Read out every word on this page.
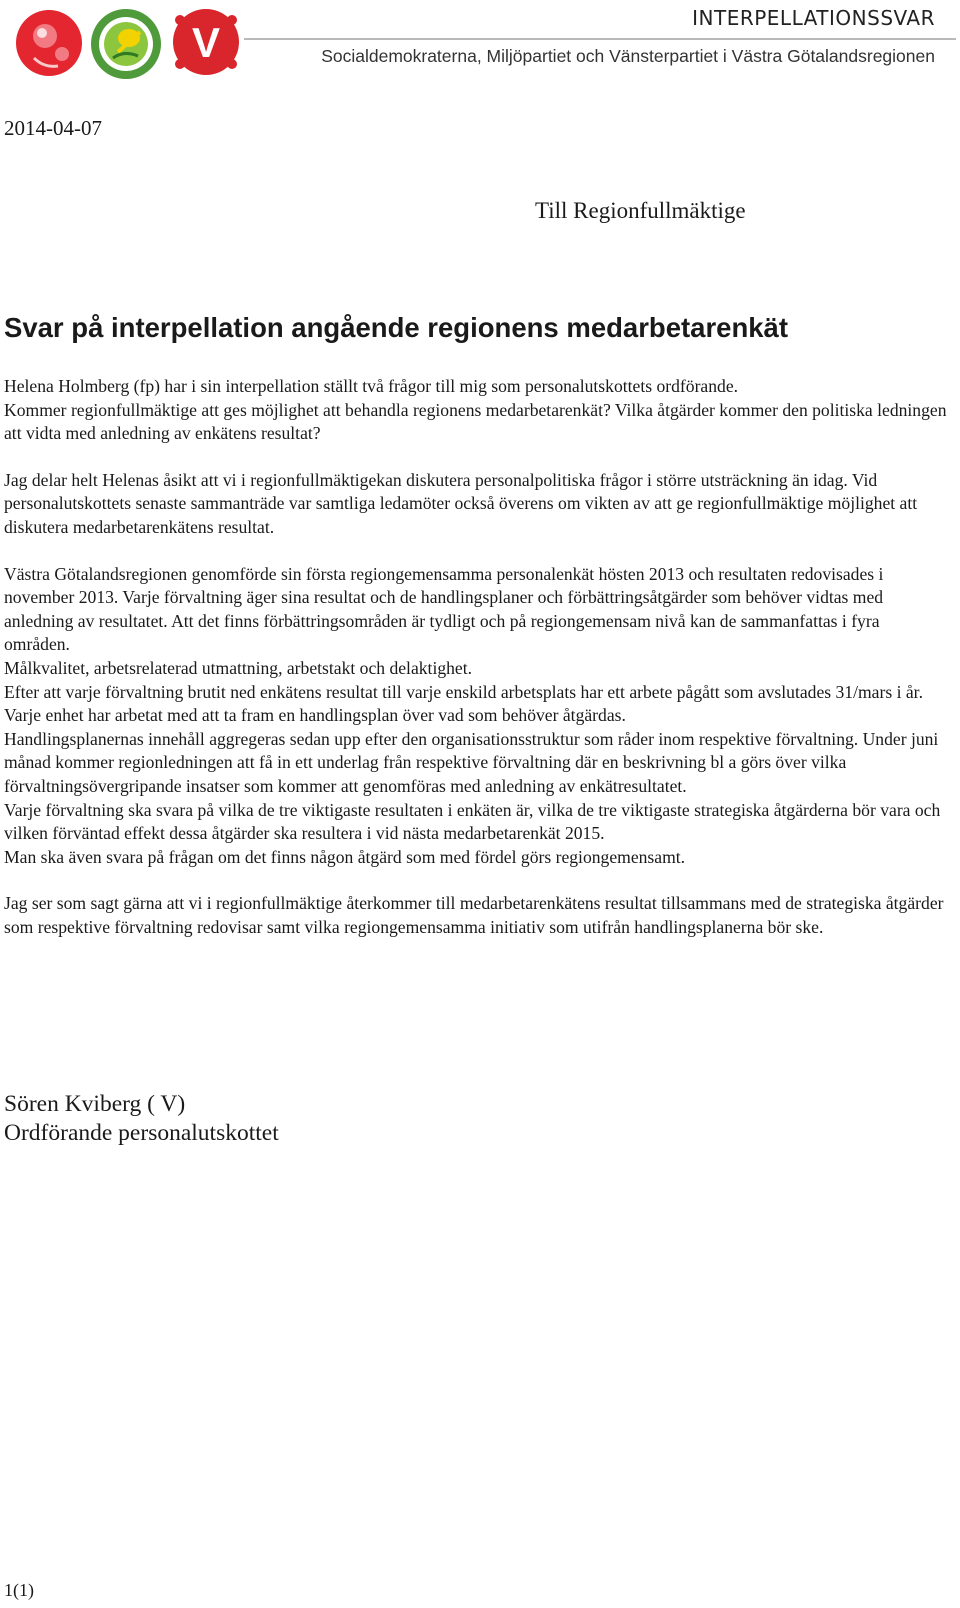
V
INTERPELLATIONSSVAR
Socialdemokraterna, Miljöpartiet och Vänsterpartiet i Västra Götalandsregionen
2014-04-07
Till Regionfullmäktige
Svar på interpellation angående regionens medarbetarenkät

Helena Holmberg (fp) har i sin interpellation ställt två frågor till mig som personalutskottets ordförande.
Kommer regionfullmäktige att ges möjlighet att behandla regionens medarbetarenkät? Vilka åtgärder kommer den politiska ledningen att vidta med anledning av enkätens resultat?

Jag delar helt Helenas åsikt att vi i regionfullmäktigekan diskutera personalpolitiska frågor i större utsträckning än idag. Vid personalutskottets senaste sammanträde var samtliga ledamöter också överens om vikten av att ge regionfullmäktige möjlighet att diskutera medarbetarenkätens resultat.

Västra Götalandsregionen genomförde sin första regiongemensamma personalenkät hösten 2013 och resultaten redovisades i november 2013. Varje förvaltning äger sina resultat och de handlingsplaner och förbättringsåtgärder som behöver vidtas med anledning av resultatet. Att det finns förbättringsområden är tydligt och på regiongemensam nivå kan de sammanfattas i fyra områden.
Målkvalitet, arbetsrelaterad utmattning, arbetstakt och delaktighet.
Efter att varje förvaltning brutit ned enkätens resultat till varje enskild arbetsplats har ett arbete pågått som avslutades 31/mars i år. Varje enhet har arbetat med att ta fram en handlingsplan över vad som behöver åtgärdas.
Handlingsplanernas innehåll aggregeras sedan upp efter den organisationsstruktur som råder inom respektive förvaltning. Under juni månad kommer regionledningen att få in ett underlag från respektive förvaltning där en beskrivning bl a görs över vilka förvaltningsövergripande insatser som kommer att genomföras med anledning av enkätresultatet.
Varje förvaltning ska svara på vilka de tre viktigaste resultaten i enkäten är, vilka de tre viktigaste strategiska åtgärderna bör vara och vilken förväntad effekt dessa åtgärder ska resultera i vid nästa medarbetarenkät 2015.
Man ska även svara på frågan om det finns någon åtgärd som med fördel görs regiongemensamt.

Jag ser som sagt gärna att vi i regionfullmäktige återkommer till medarbetarenkätens resultat tillsammans med de strategiska åtgärder som respektive förvaltning redovisar samt vilka regiongemensamma initiativ som utifrån handlingsplanerna bör ske.

Sören Kviberg ( V)
Ordförande personalutskottet
1(1)
